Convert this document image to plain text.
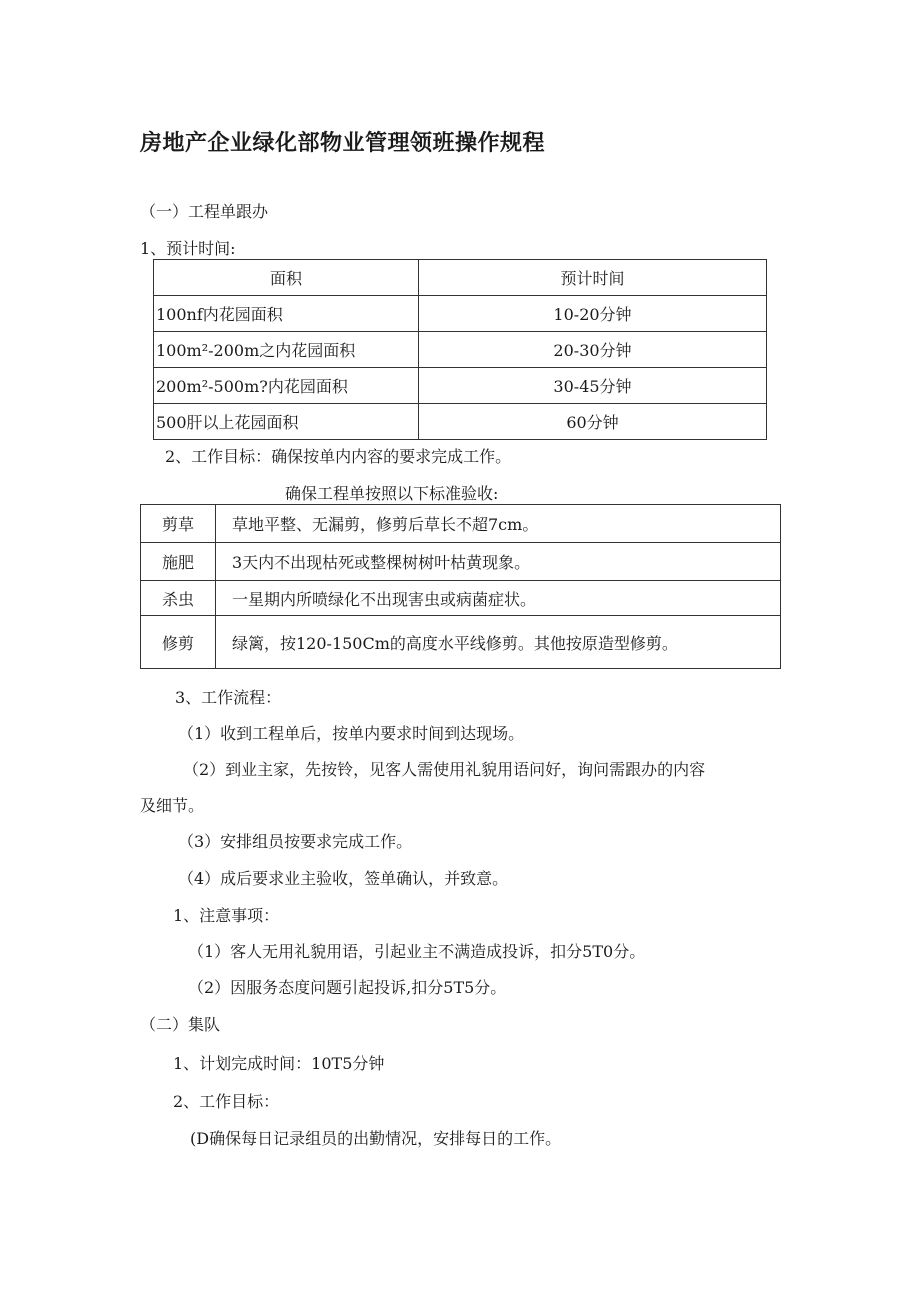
房地产企业绿化部物业管理领班操作规程
（一）工程单跟办
1、预计时间:
面积	预计时间
100nf内花园面积	10-20分钟
100m²-200m之内花园面积	20-30分钟
200m²-500m?内花园面积	30-45分钟
500肝以上花园面积	60分钟
2、工作目标：确保按单内内容的要求完成工作。
确保工程单按照以下标准验收:
剪草	草地平整、无漏剪，修剪后草长不超7cm。
施肥	3天内不出现枯死或整棵树树叶枯黄现象。
杀虫	一星期内所喷绿化不出现害虫或病菌症状。
修剪	绿篱，按120-150Cm的高度水平线修剪。其他按原造型修剪。
3、工作流程：
（1）收到工程单后，按单内要求时间到达现场。
（2）到业主家，先按铃，见客人需使用礼貌用语问好，询问需跟办的内容
及细节。
（3）安排组员按要求完成工作。
（4）成后要求业主验收，签单确认，并致意。
1、注意事项：
（1）客人无用礼貌用语，引起业主不满造成投诉，扣分5T0分。
（2）因服务态度问题引起投诉,扣分5T5分。
（二）集队
1、计划完成时间：10T5分钟
2、工作目标：
(D确保每日记录组员的出勤情况，安排每日的工作。
